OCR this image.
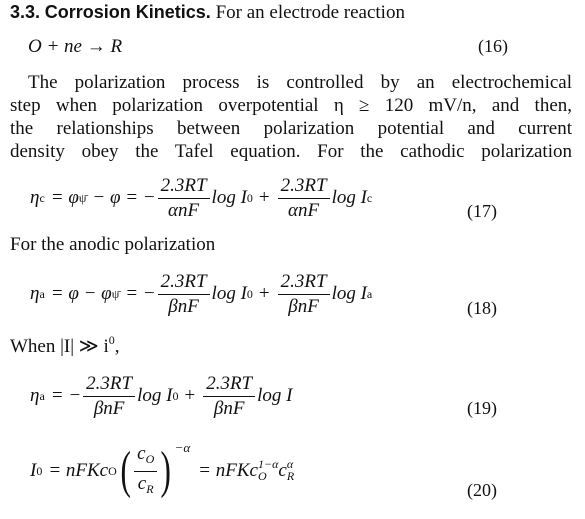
3.3. Corrosion Kinetics. For an electrode reaction
O + ne → R	(16)
The polarization process is controlled by an electrochemical
step when polarization overpotential η ≥ 120 mV/n, and then,
the relationships between polarization potential and current
density obey the Tafel equation. For the cathodic polarization
η c = φ ψ̄ − φ = − $\frac{2.3RT}{\text{αnF}}$ log I $0 + \frac{2.3RT}{\text{αnF}}$ log I c
(17)
For the anodic polarization
η a = φ − φ ψ̄ = − $\frac{2.3RT}{\text{βnF}}$ log I $0 + \frac{2.3RT}{\text{βnF}}$ log I a
(18)
When |I| ≫ $i^0$,
η a = − $\frac{2.3RT}{\text{βnF}}$ log I $0 + \frac{2.3RT}{\text{βnF}}$ log I
(19)
I 0 = nFKc O ( $\frac{c_O}{c_R}$ ) −α
= nFKc 1−α
O c α
R
(20)
